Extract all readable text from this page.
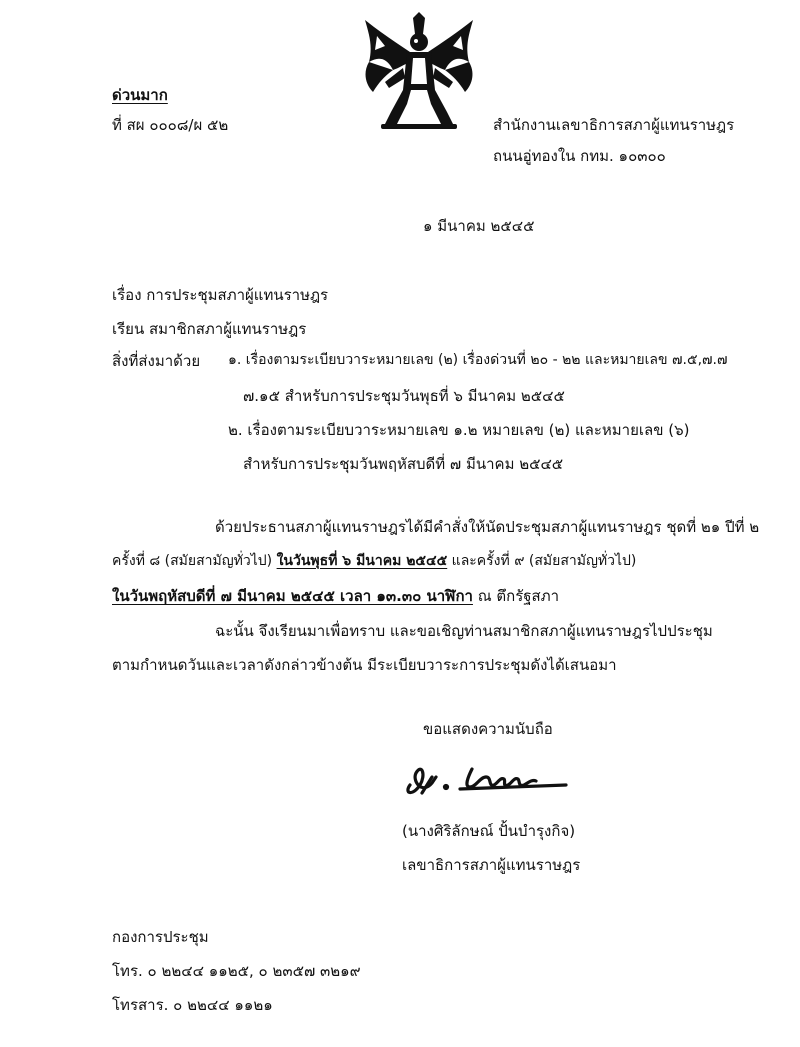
ด่วนมาก
ที่ สผ ๐๐๐๘/ผ ๕๒	สำนักงานเลขาธิการสภาผู้แทนราษฎร
ถนนอู่ทองใน กทม. ๑๐๓๐๐
๑ มีนาคม ๒๕๔๕
เรื่อง การประชุมสภาผู้แทนราษฎร
เรียน สมาชิกสภาผู้แทนราษฎร
สิ่งที่ส่งมาด้วย ๑. เรื่องตามระเบียบวาระหมายเลข (๒) เรื่องด่วนที่ ๒๐ - ๒๒ และหมายเลข ๗.๕,๗.๗
๗.๑๕ สำหรับการประชุมวันพุธที่ ๖ มีนาคม ๒๕๔๕
๒. เรื่องตามระเบียบวาระหมายเลข ๑.๒ หมายเลข (๒) และหมายเลข (๖)
สำหรับการประชุมวันพฤหัสบดีที่ ๗ มีนาคม ๒๕๔๕
ด้วยประธานสภาผู้แทนราษฎรได้มีคำสั่งให้นัดประชุมสภาผู้แทนราษฎร ชุดที่ ๒๑ ปีที่ ๒
ครั้งที่ ๘ (สมัยสามัญทั่วไป) ในวันพุธที่ ๖ มีนาคม ๒๕๔๕ และครั้งที่ ๙ (สมัยสามัญทั่วไป)
ในวันพฤหัสบดีที่ ๗ มีนาคม ๒๕๔๕ เวลา ๑๓.๓๐ นาฬิกา ณ ตึกรัฐสภา
ฉะนั้น จึงเรียนมาเพื่อทราบ และขอเชิญท่านสมาชิกสภาผู้แทนราษฎรไปประชุม
ตามกำหนดวันและเวลาดังกล่าวข้างต้น มีระเบียบวาระการประชุมดังได้เสนอมา
ขอแสดงความนับถือ
(นางศิริลักษณ์ ปั้นบำรุงกิจ)
เลขาธิการสภาผู้แทนราษฎร
กองการประชุม
โทร. ๐ ๒๒๔๔ ๑๑๒๕, ๐ ๒๓๕๗ ๓๒๑๙
โทรสาร. ๐ ๒๒๔๔ ๑๑๒๑
